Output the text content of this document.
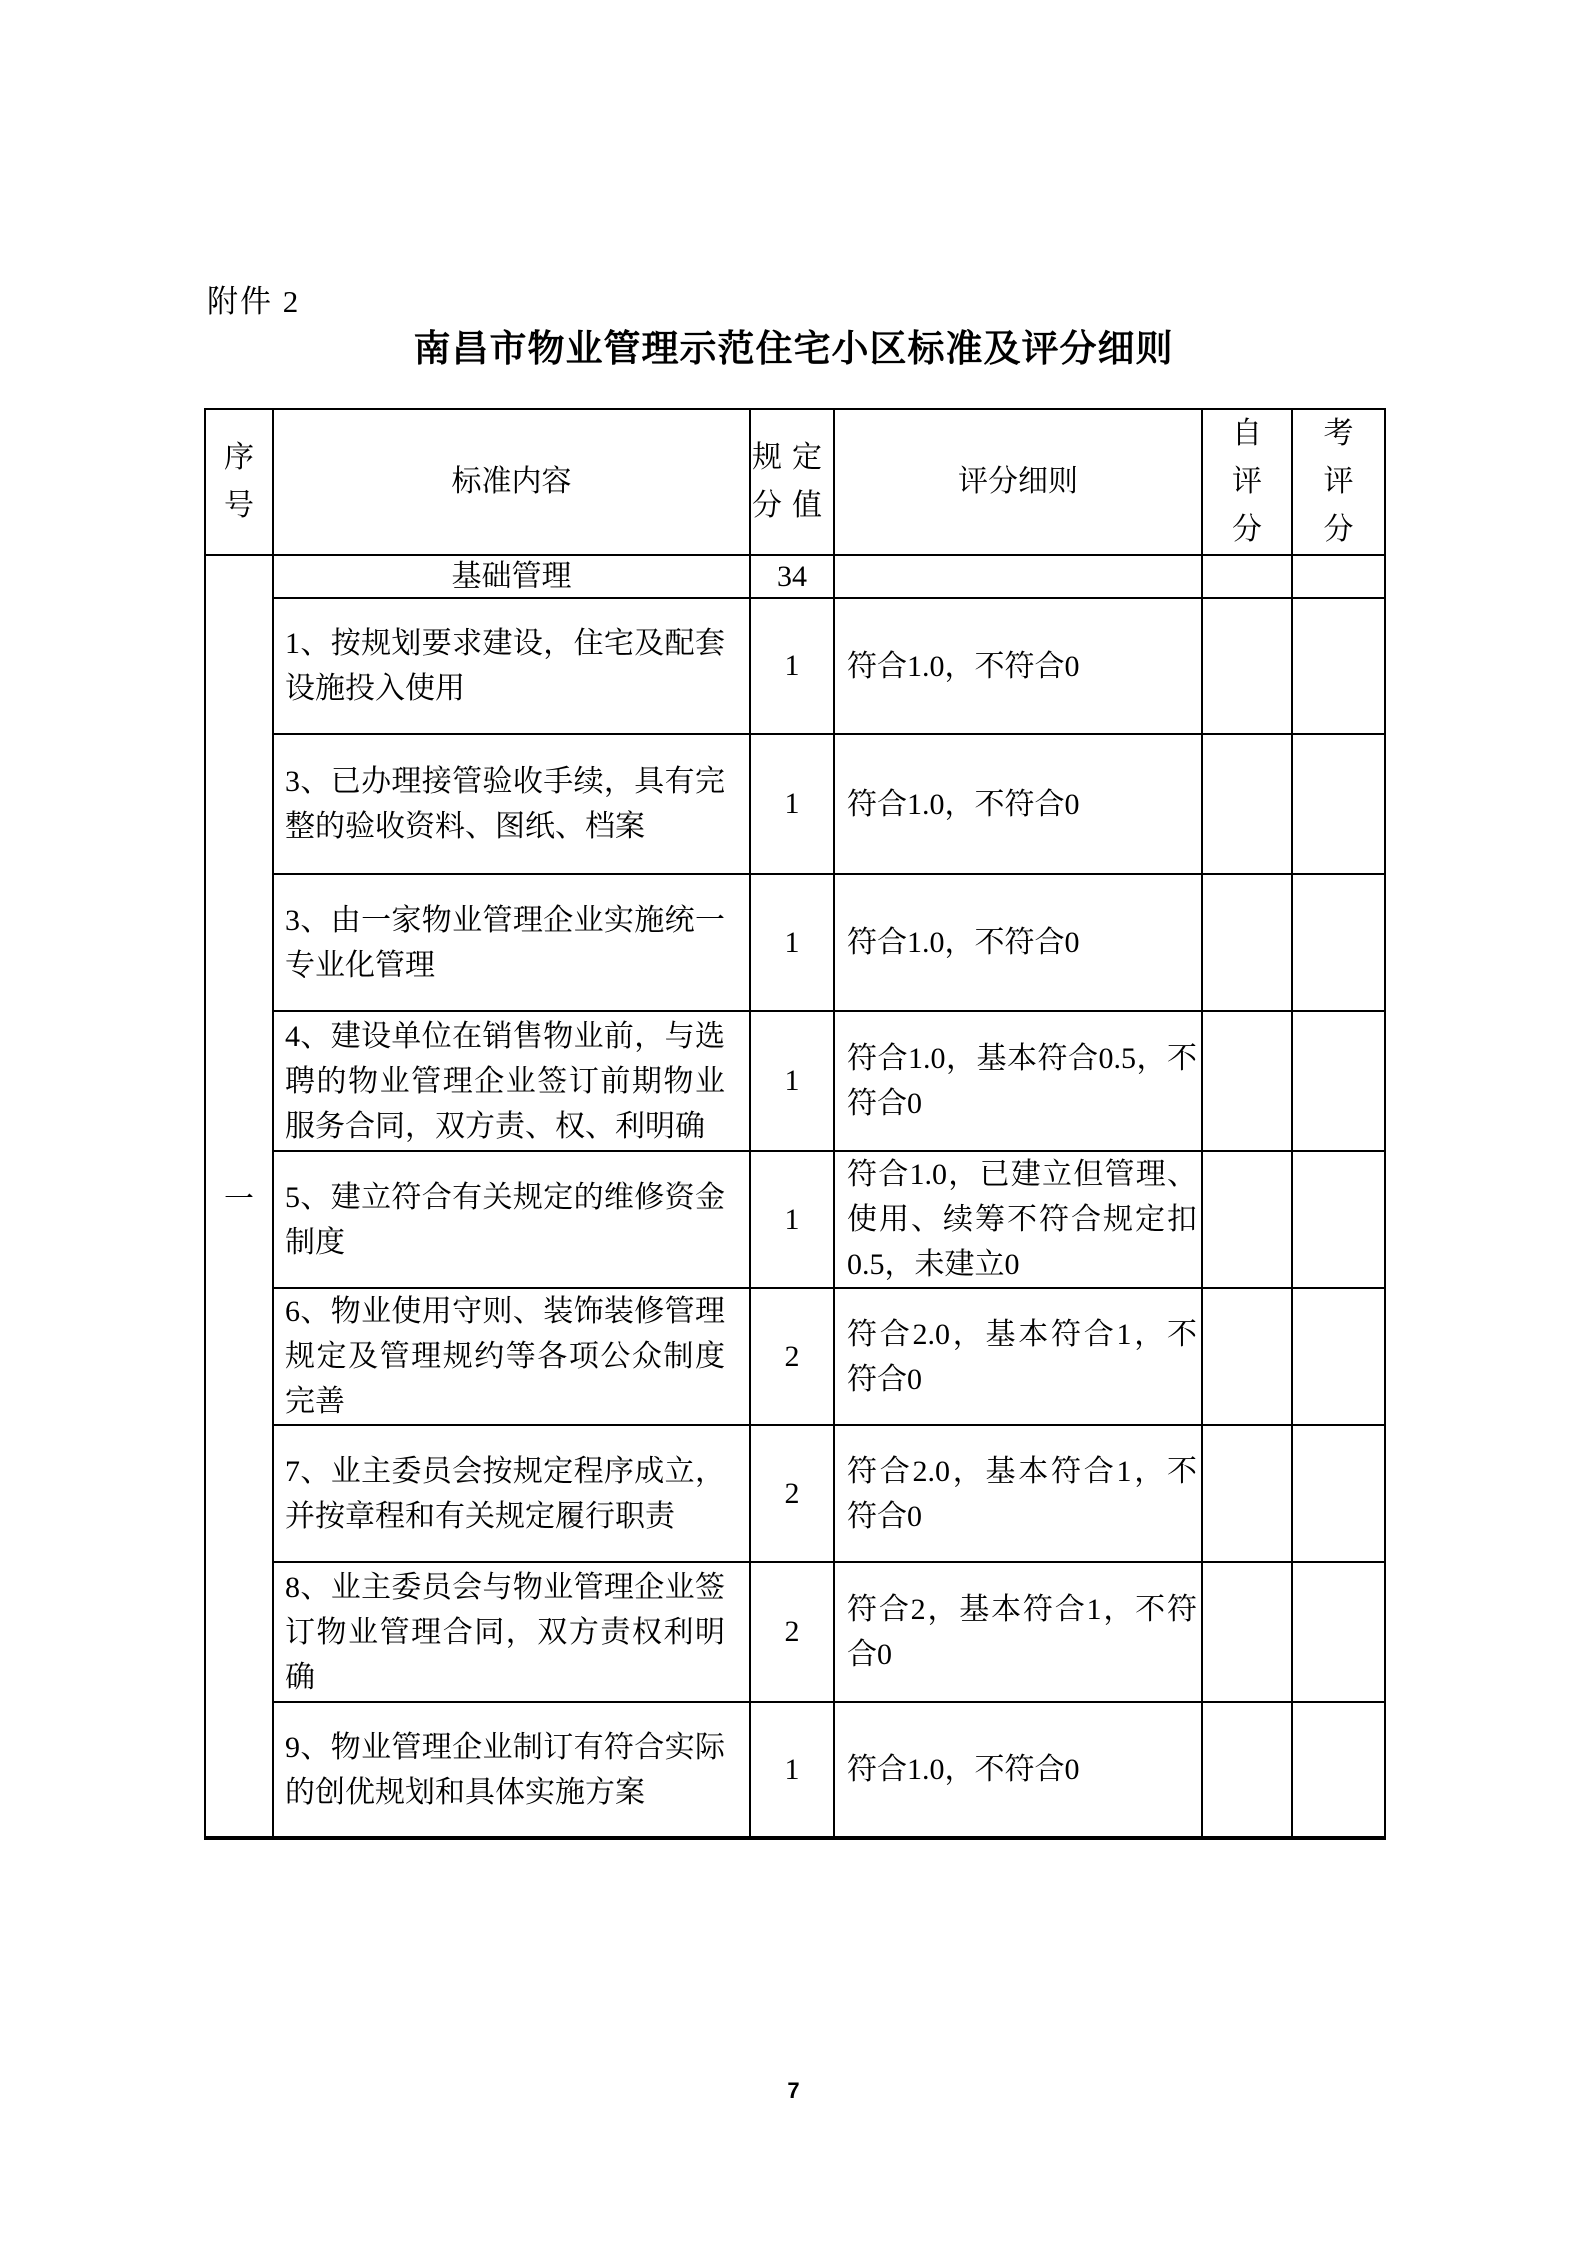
附件 2
南昌市物业管理示范住宅小区标准及评分细则
序号	标准内容	规定分值	评分细则	自评分	考评分
一	基础管理	34			
	1、按规划要求建设，住宅及配套设施投入使用	1	符合1.0，不符合0		
	3、已办理接管验收手续，具有完整的验收资料、图纸、档案	1	符合1.0，不符合0		
	3、由一家物业管理企业实施统一专业化管理	1	符合1.0，不符合0		
	4、建设单位在销售物业前，与选聘的物业管理企业签订前期物业服务合同，双方责、权、利明确	1	符合1.0，基本符合0.5，不符合0		
	5、建立符合有关规定的维修资金制度	1	符合1.0，已建立但管理、使用、续筹不符合规定扣0.5，未建立0		
	6、物业使用守则、装饰装修管理规定及管理规约等各项公众制度完善	2	符合2.0，基本符合1，不符合0		
	7、业主委员会按规定程序成立，并按章程和有关规定履行职责	2	符合2.0，基本符合1，不符合0		
	8、业主委员会与物业管理企业签订物业管理合同，双方责权利明确	2	符合2，基本符合1，不符合0		
	9、物业管理企业制订有符合实际的创优规划和具体实施方案	1	符合1.0，不符合0		
7
